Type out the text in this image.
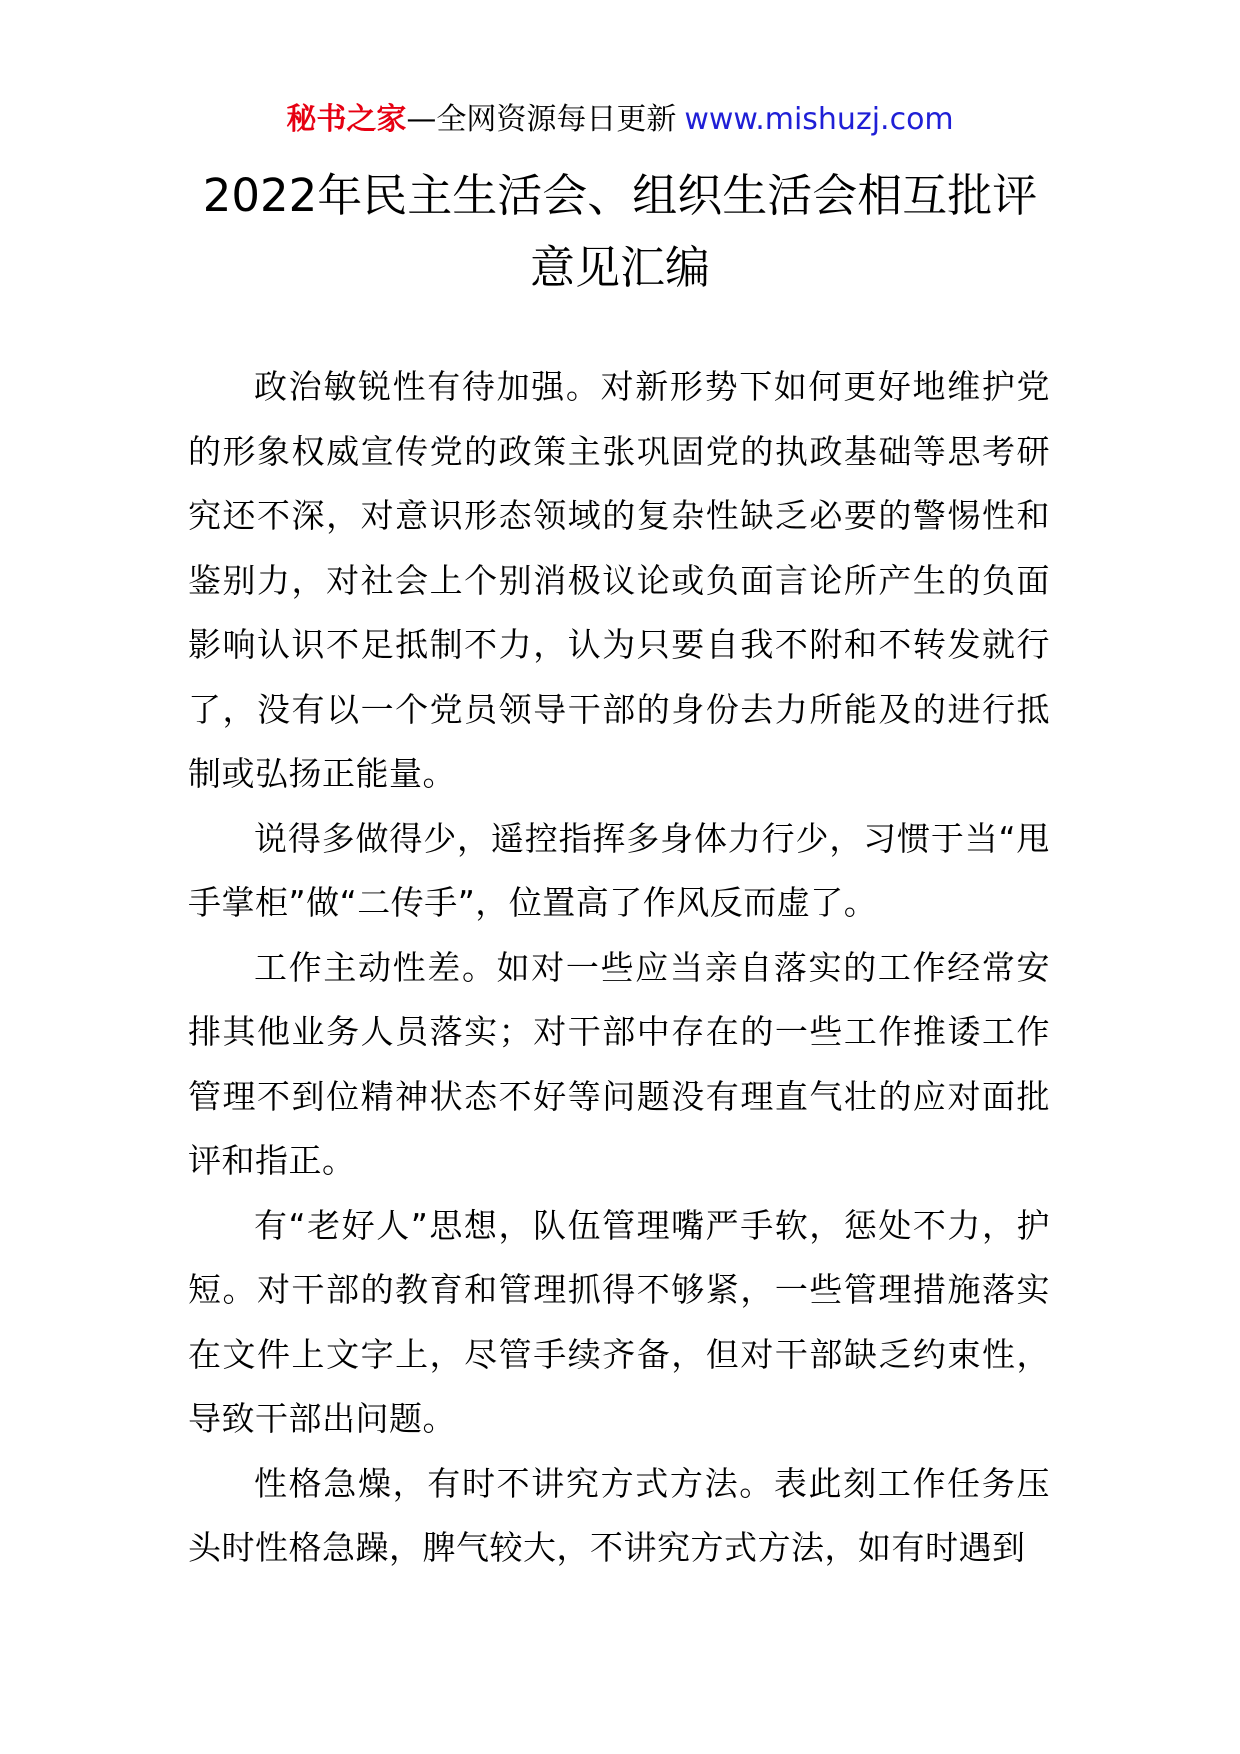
秘书之家—全网资源每日更新 www.mishuzj.com
2022年民主生活会、组织生活会相互批评
意见汇编

政治敏锐性有待加强。对新形势下如何更好地维护党的形象权威宣传党的政策主张巩固党的执政基础等思考研究还不深，对意识形态领域的复杂性缺乏必要的警惕性和鉴别力，对社会上个别消极议论或负面言论所产生的负面影响认识不足抵制不力，认为只要自我不附和不转发就行了，没有以一个党员领导干部的身份去力所能及的进行抵制或弘扬正能量。

说得多做得少，遥控指挥多身体力行少，习惯于当“甩手掌柜”做“二传手”，位置高了作风反而虚了。

工作主动性差。如对一些应当亲自落实的工作经常安排其他业务人员落实；对干部中存在的一些工作推诿工作管理不到位精神状态不好等问题没有理直气壮的应对面批评和指正。

有“老好人”思想，队伍管理嘴严手软，惩处不力，护短。对干部的教育和管理抓得不够紧，一些管理措施落实在文件上文字上，尽管手续齐备，但对干部缺乏约束性，导致干部出问题。

性格急燥，有时不讲究方式方法。表此刻工作任务压头时性格急躁，脾气较大，不讲究方式方法，如有时遇到
